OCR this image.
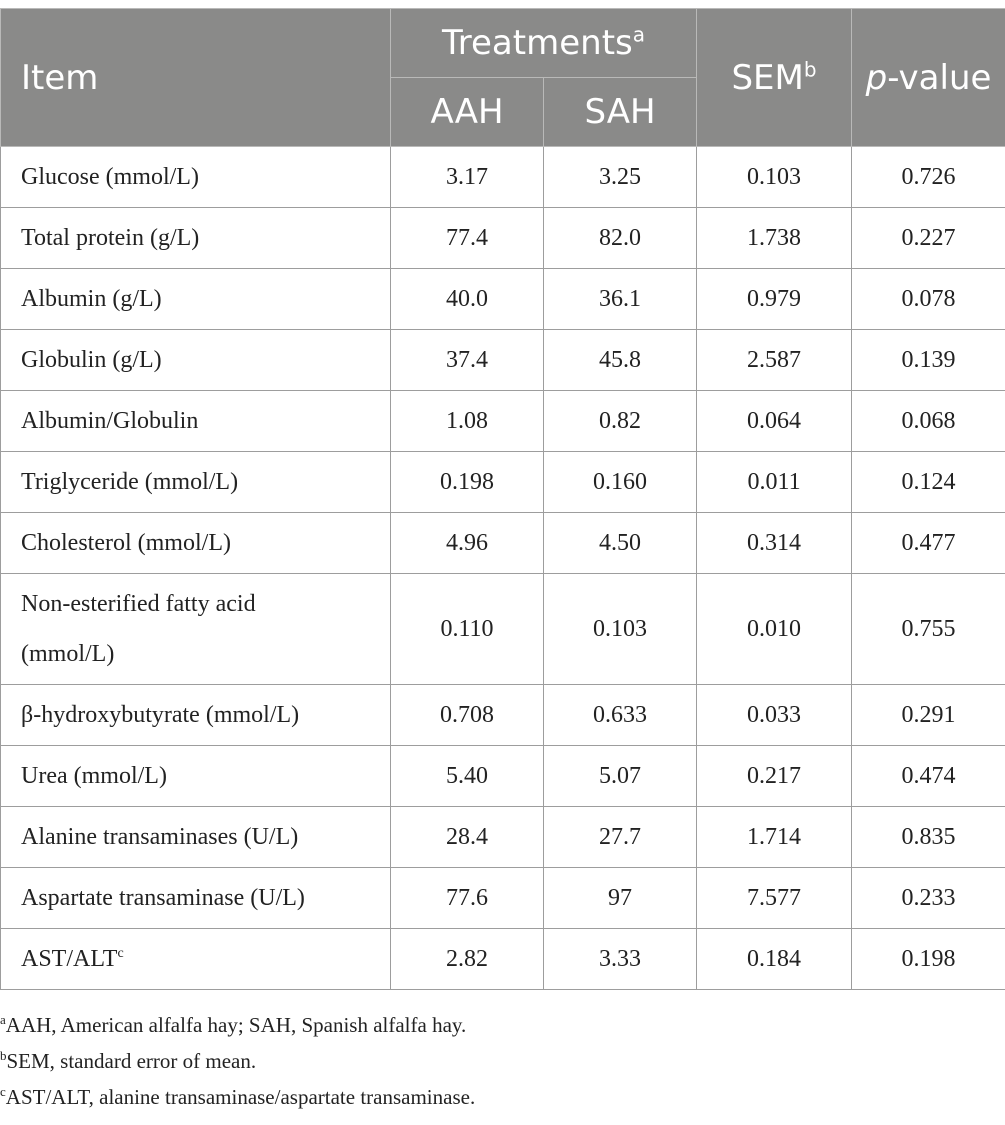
Item	Treatments$^a$		SEM$^b$	p-value
	AAH	SAH		
Glucose (mmol/L)	3.17	3.25	0.103	0.726
Total protein (g/L)	77.4	82.0	1.738	0.227
Albumin (g/L)	40.0	36.1	0.979	0.078
Globulin (g/L)	37.4	45.8	2.587	0.139
Albumin/Globulin	1.08	0.82	0.064	0.068
Triglyceride (mmol/L)	0.198	0.160	0.011	0.124
Cholesterol (mmol/L)	4.96	4.50	0.314	0.477
Non-esterified fatty acid
(mmol/L)	0.110	0.103	0.010	0.755
β-hydroxybutyrate (mmol/L)	0.708	0.633	0.033	0.291
Urea (mmol/L)	5.40	5.07	0.217	0.474
Alanine transaminases (U/L)	28.4	27.7	1.714	0.835
Aspartate transaminase (U/L)	77.6	97	7.577	0.233
AST/ALT$^c$	2.82	3.33	0.184	0.198
$^a$AAH, American alfalfa hay; SAH, Spanish alfalfa hay.
$^b$SEM, standard error of mean.
$^c$AST/ALT, alanine transaminase/aspartate transaminase.
